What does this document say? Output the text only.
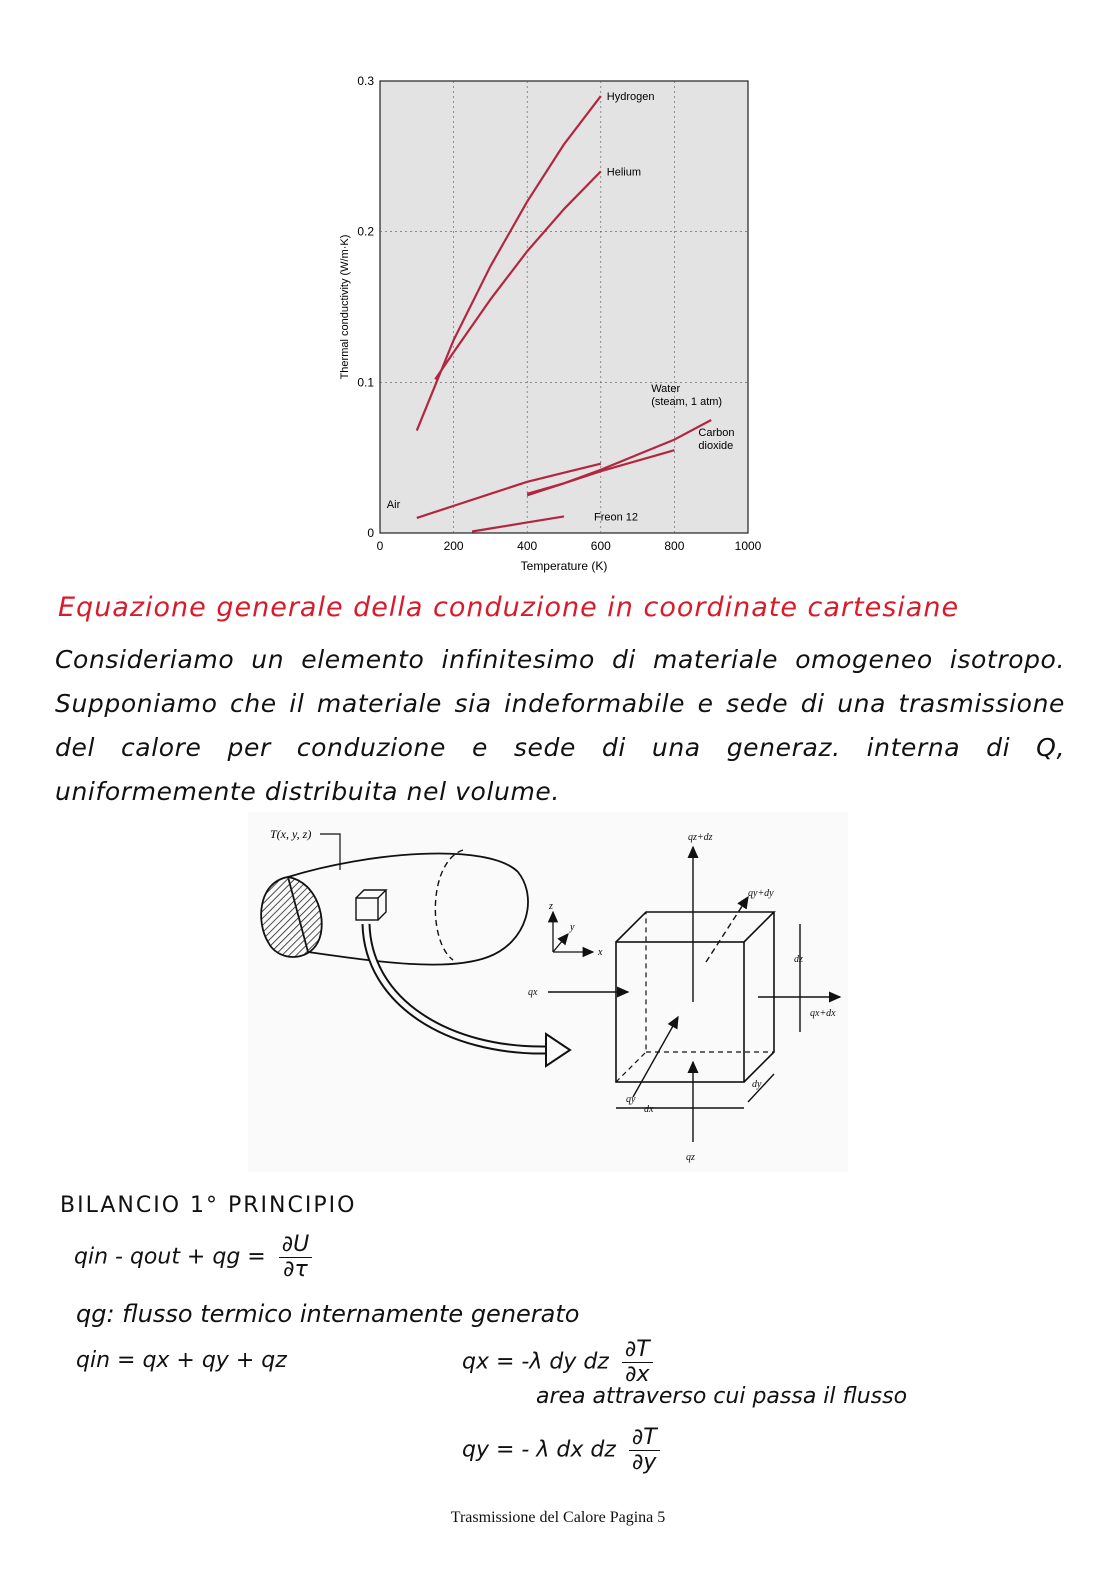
0	200	400	600	800	1000
0
0.1
0.2
0.3
Hydrogen
Helium
Water (steam, 1 atm)
Carbon dioxide
Air
Freon 12
Temperature (K)
Thermal conductivity (W/m·K)
Equazione generale della conduzione in coordinate cartesiane
Consideriamo un elemento infinitesimo di materiale omogeneo isotropo. Supponiamo che il materiale sia indeformabile e sede di una trasmissione del calore per conduzione e sede di una generaz. interna di Q, uniformemente distribuita nel volume.
T(x, y, z)
z
y
x
qz+dz
qy+dy
dz
qx
qx+dx
dy
qy
dx
qz
BILANCIO 1° PRINCIPIO
qin - qout + qg = $\frac{\partial U}{\partial\tau}$
qg: flusso termico internamente generato
qin = qx + qy + qz	qx = -λ dy dz $\frac{\partial T}{\partial x}$
area attraverso cui passa il flusso
qy = - λ dx dz $\frac{\partial T}{\partial y}$
Trasmissione del Calore Pagina 5
